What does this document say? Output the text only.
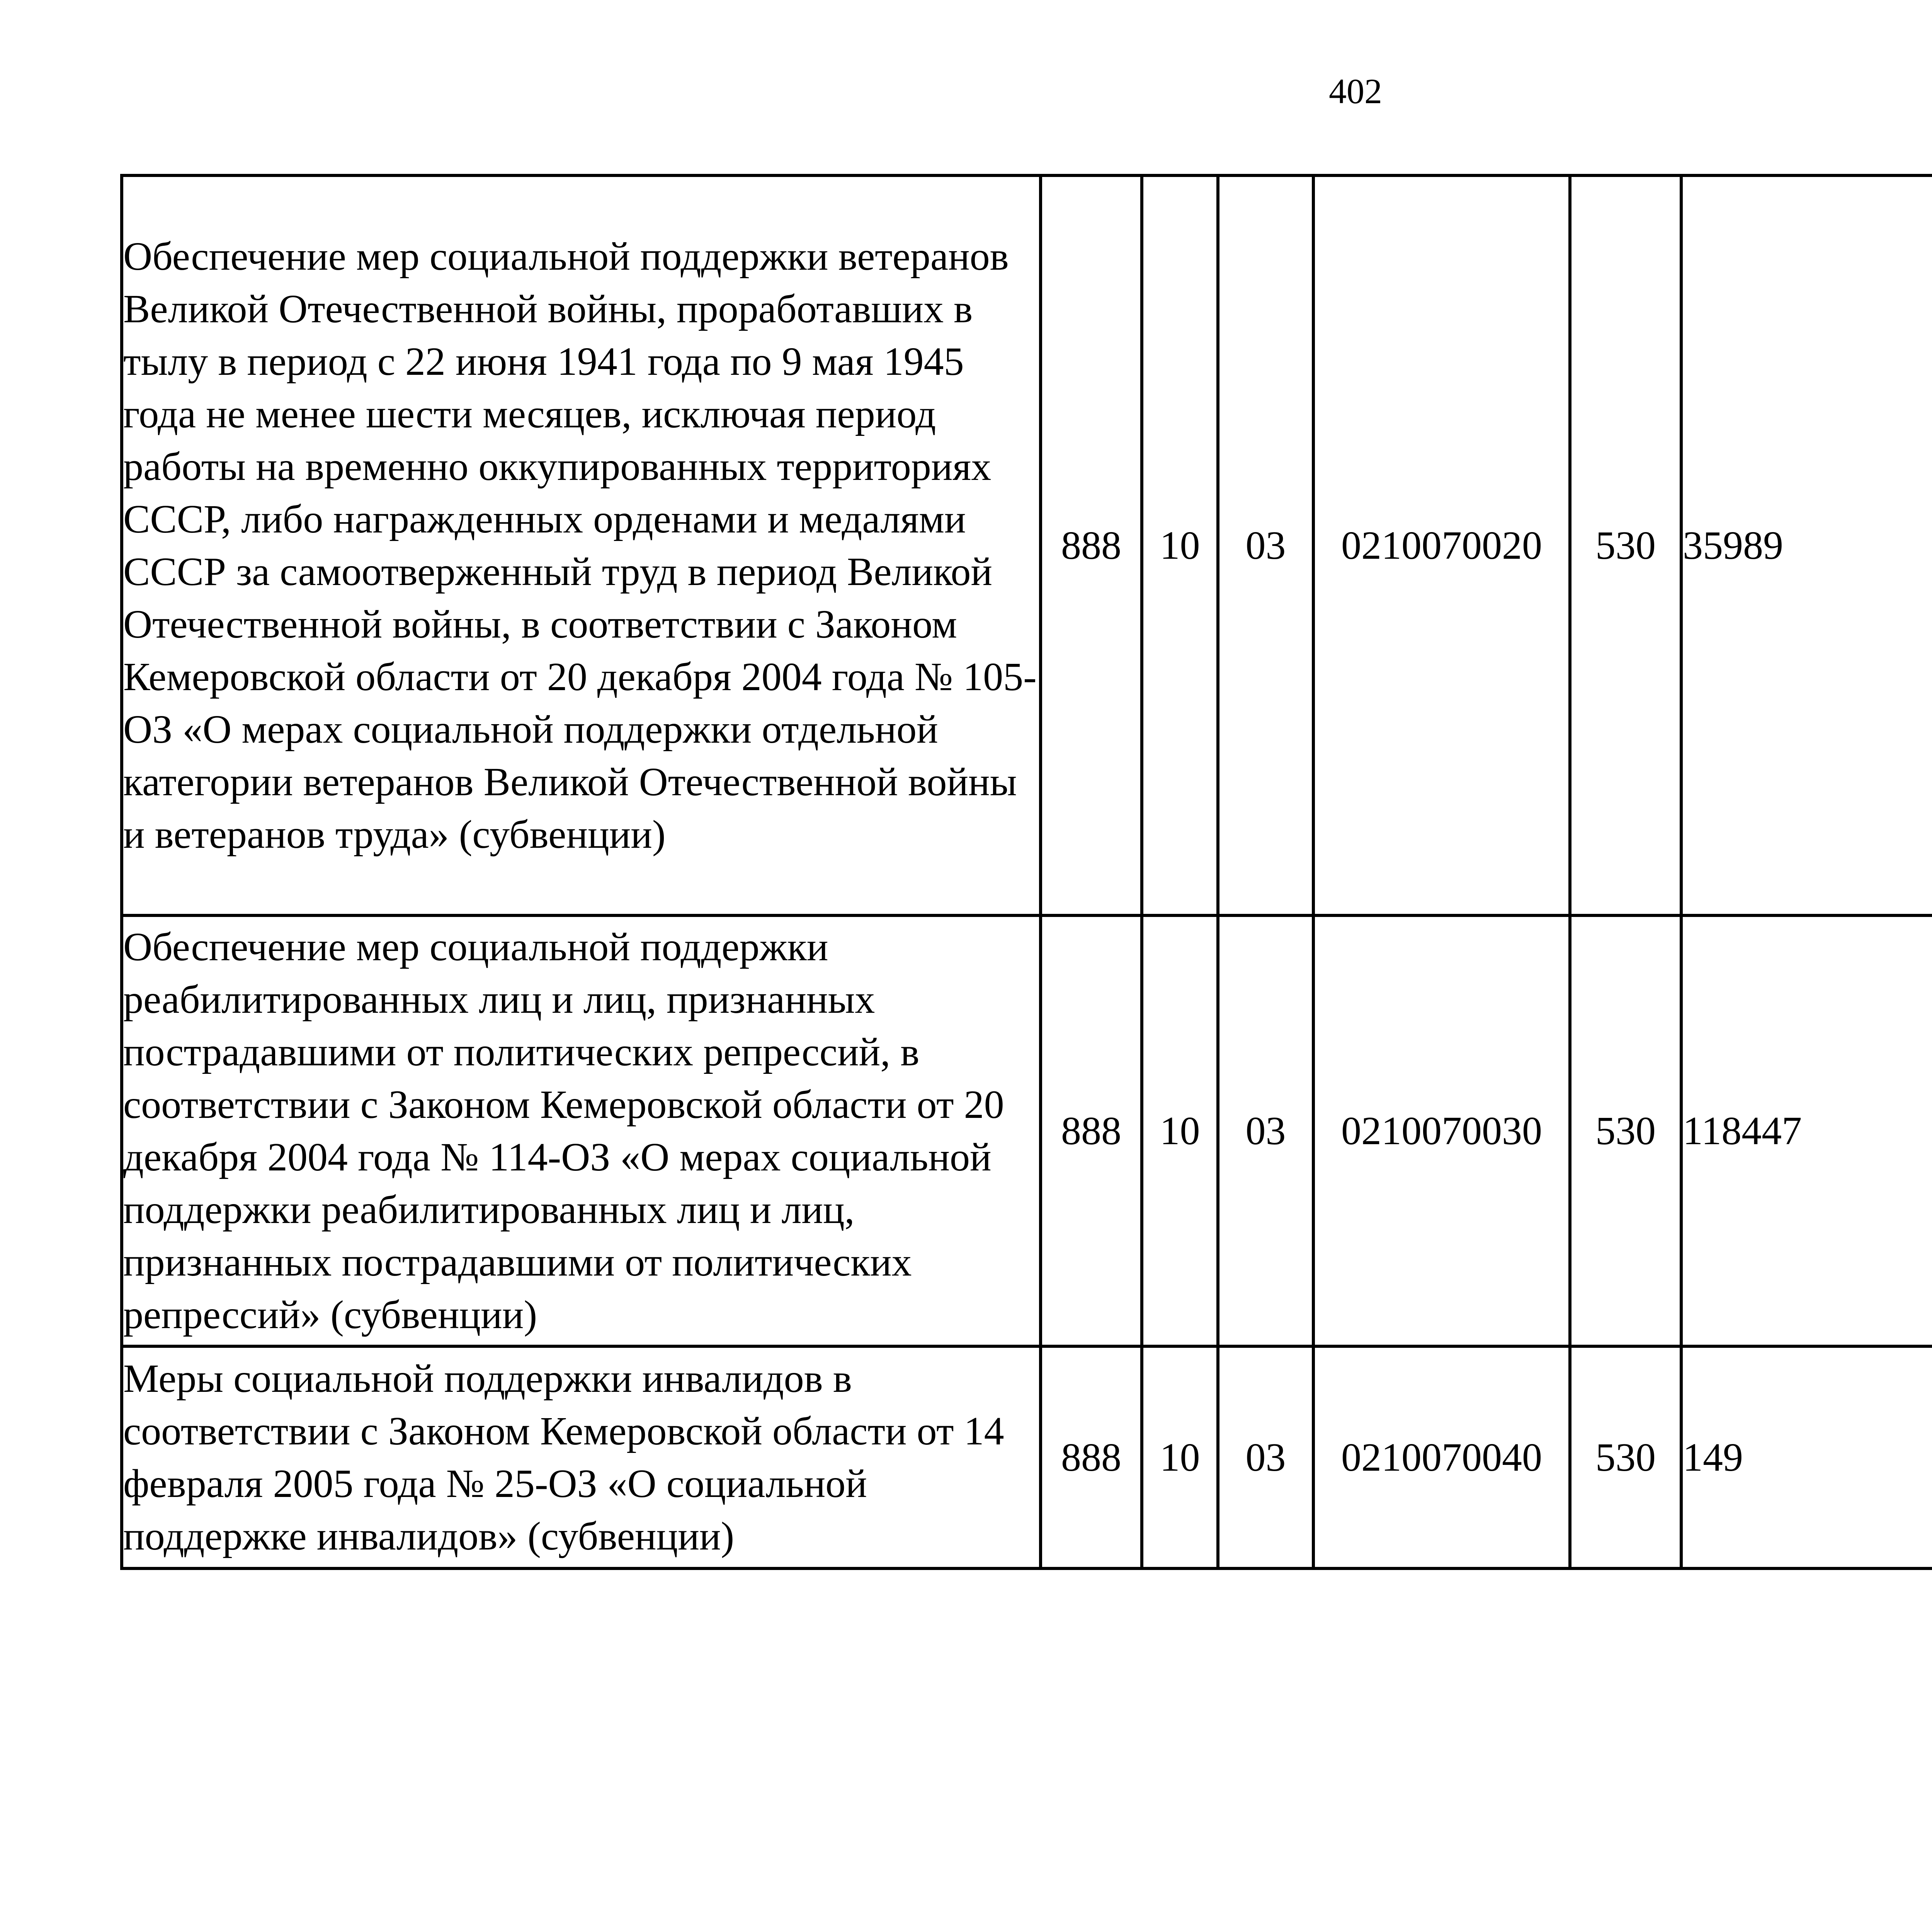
402
Обеспечение мер социальной поддержки ветеранов Великой Отечественной войны, проработавших в тылу в период с 22 июня 1941 года по 9 мая 1945 года не менее шести месяцев, исключая период работы на временно оккупированных территориях СССР, либо награжденных орденами и медалями СССР за самоотверженный труд в период Великой Отечественной войны, в соответствии с Законом Кемеровской области от 20 декабря 2004 года № 105-ОЗ «О мерах социальной поддержки отдельной категории ветеранов Великой Отечественной войны и ветеранов труда» (субвенции)	888	10	03	0210070020	530	35989		
Обеспечение мер социальной поддержки реабилитированных лиц и лиц, признанных пострадавшими от политических репрессий, в соответствии с Законом Кемеровской области от 20 декабря 2004 года № 114-ОЗ «О мерах социальной поддержки реабилитированных лиц и лиц, признанных пострадавшими от политических репрессий» (субвенции)	888	10	03	0210070030	530	118447		
Меры социальной поддержки инвалидов в соответствии с Законом Кемеровской области от 14 февраля 2005 года № 25-ОЗ «О социальной поддержке инвалидов» (субвенции)	888	10	03	0210070040	530	149		
